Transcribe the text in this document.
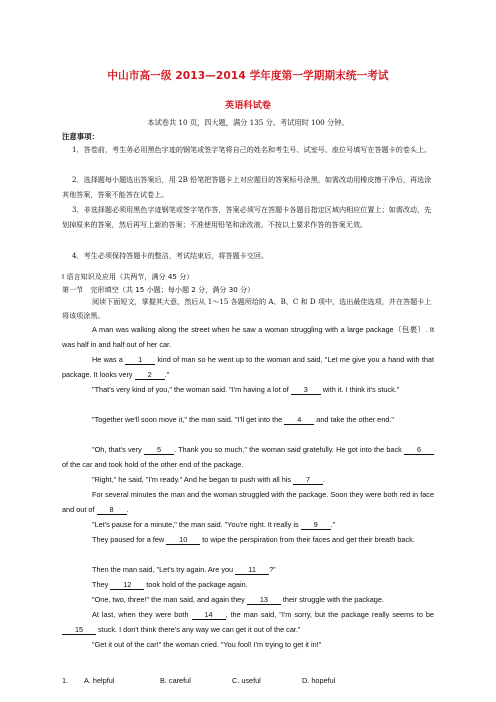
中山市高一级 2013—2014 学年度第一学期期末统一考试
英语科试卷
本试卷共 10 页，四大题，满分 135 分。考试用时 100 分钟。
注意事项：
1．答卷前，考生务必用黑色字迹的钢笔或签字笔将自己的姓名和考生号、试室号、座位号填写在答题卡的卷头上。
2．选择题每小题选出答案后，用 2B 铅笔把答题卡上对应题目的答案标号涂黑，如需改动用橡皮擦干净后，再选涂其他答案，答案不能答在试卷上。
3．非选择题必须用黑色字迹钢笔或签字笔作答，答案必须写在答题卡各题目指定区域内相应位置上；如需改动，先划掉原来的答案，然后再写上新的答案；不准使用铅笔和涂改液。不按以上要求作答的答案无效。
4．考生必须保持答题卡的整洁，考试结束后，将答题卡交回。
Ⅰ 语言知识及应用（共两节，满分 45 分）
第一节　完形填空（共 15 小题；每小题 2 分，满分 30 分）
阅读下面短文，掌握其大意，然后从 1～15 各题所给的 A、B、C 和 D 项中，选出最佳选项，并在答题卡上将该项涂黑。
A man was walking along the street when he saw a woman struggling with a large package（包裹）. It was half in and half out of her car.
He was a 1 kind of man so he went up to the woman and said, "Let me give you a hand with that package. It looks very 2 ."
"That's very kind of you," the woman said. "I'm having a lot of 3 with it. I think it's stuck."
"Together we'll soon move it," the man said. "I'll get into the 4 and take the other end."
"Oh, that's very 5 . Thank you so much," the woman said gratefully. He got into the back 6 of the car and took hold of the other end of the package.
"Right," he said, "I'm ready." And he began to push with all his 7 .
For several minutes the man and the woman struggled with the package. Soon they were both red in face and out of 8 .
"Let's pause for a minute," the man said. "You're right. It really is 9 ."
They paused for a few 10 to wipe the perspiration from their faces and get their breath back.
Then the man said, "Let's try again. Are you 11 ?"
They 12 took hold of the package again.
"One, two, three!" the man said, and again they 13 their struggle with the package.
At last, when they were both 14 , the man said, "I'm sorry, but the package really seems to be 15 stuck. I don't think there's any way we can get it out of the car."
"Get it out of the car!" the woman cried. "You fool! I'm trying to get it in!"
1. A. helpful	B. careful	C. useful	D. hopeful
